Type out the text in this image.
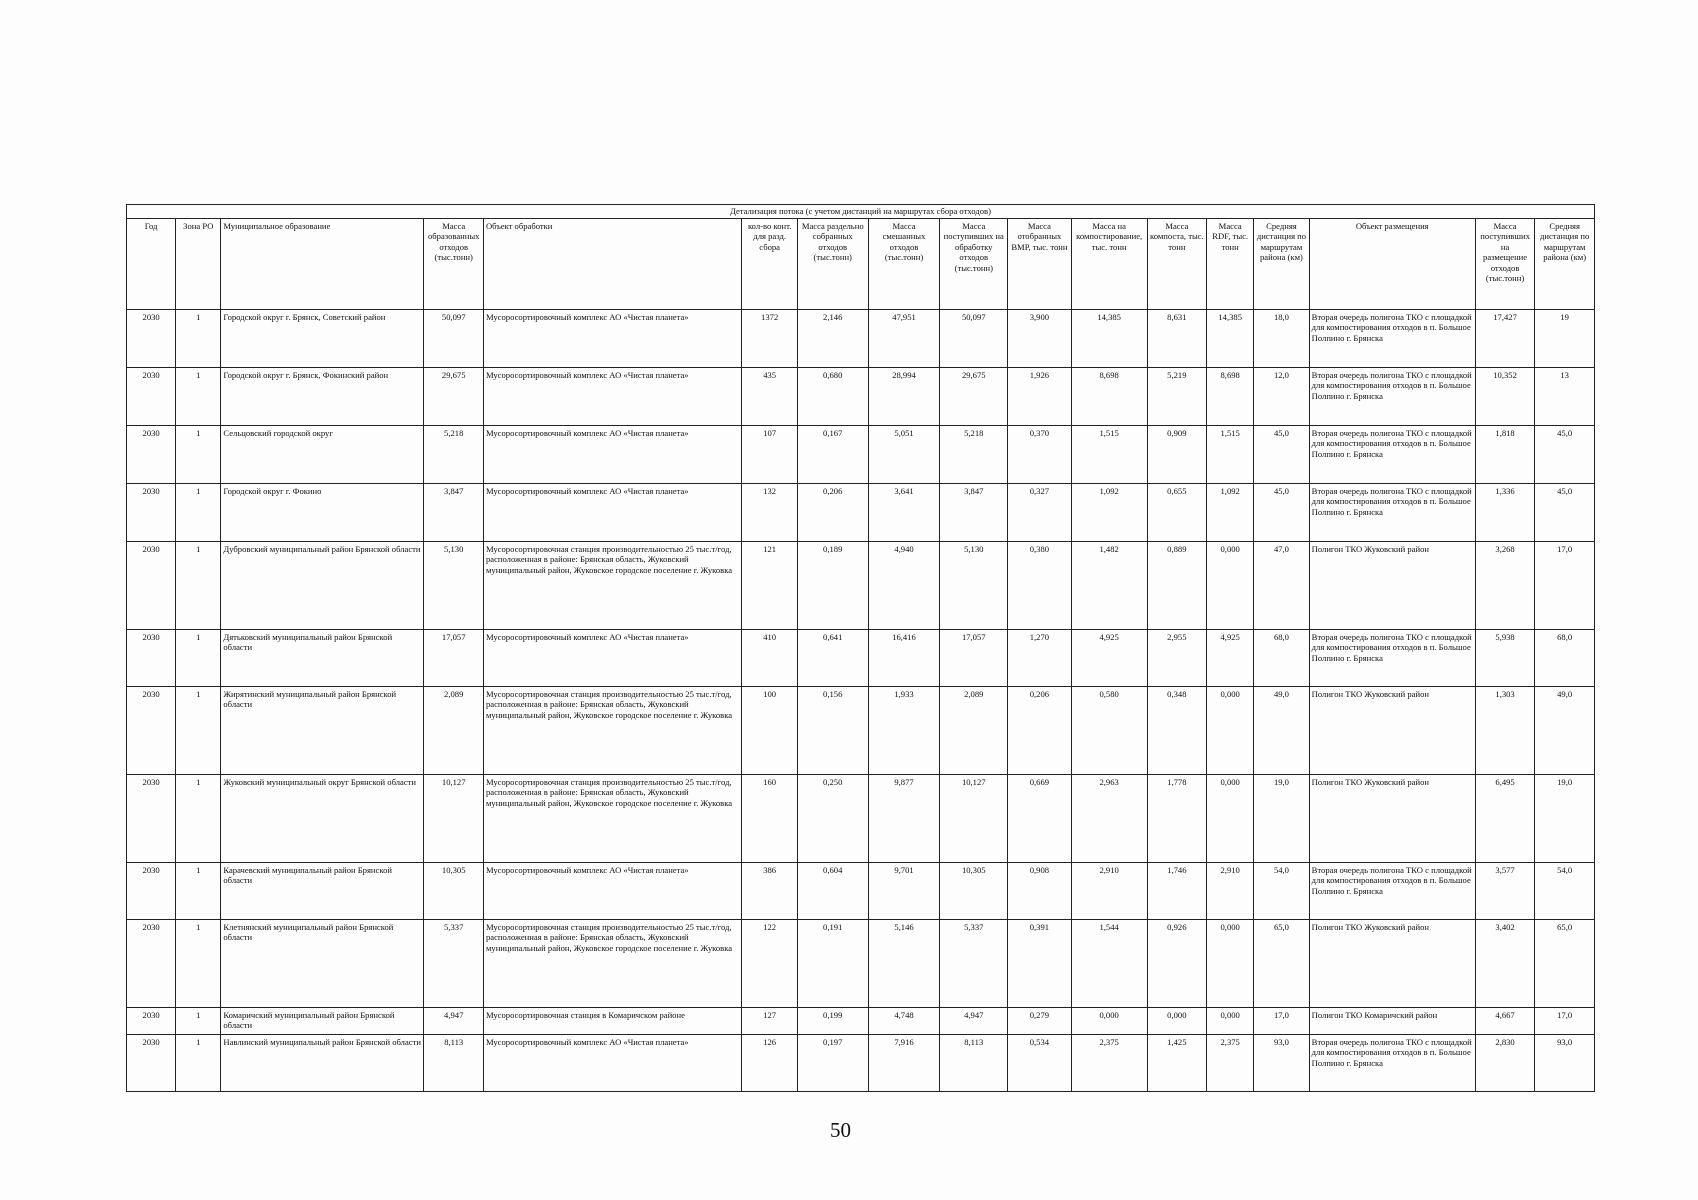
Детализация потока (с учетом дистанций на маршрутах сбора отходов)																
Год	Зона РО	Муниципальное образование	Масса образованных отходов (тыс.тонн)	Объект обработки	кол-во конт. для разд. сбора	Масса раздельно собранных отходов (тыс.тонн)	Масса смешанных отходов (тыс.тонн)	Масса поступивших на обработку отходов (тыс.тонн)	Масса отобранных ВМР, тыс. тонн	Масса на компостирование, тыс. тонн	Масса компоста, тыс. тонн	Масса RDF, тыс. тонн	Средняя дистанция по маршрутам района (км)	Объект размещения	Масса поступивших на размещение отходов (тыс.тонн)	Средняя дистанция по маршрутам района (км)
2030	1	Городской округ г. Брянск, Советский район	50,097	Мусоросортировочный комплекс АО «Чистая планета»	1372	2,146	47,951	50,097	3,900	14,385	8,631	14,385	18,0	Вторая очередь полигона ТКО с площадкой для компостирования отходов в п. Большое Полпино г. Брянска	17,427	19
2030	1	Городской округ г. Брянск, Фокинский район	29,675	Мусоросортировочный комплекс АО «Чистая планета»	435	0,680	28,994	29,675	1,926	8,698	5,219	8,698	12,0	Вторая очередь полигона ТКО с площадкой для компостирования отходов в п. Большое Полпино г. Брянска	10,352	13
2030	1	Сельцовский городской округ	5,218	Мусоросортировочный комплекс АО «Чистая планета»	107	0,167	5,051	5,218	0,370	1,515	0,909	1,515	45,0	Вторая очередь полигона ТКО с площадкой для компостирования отходов в п. Большое Полпино г. Брянска	1,818	45,0
2030	1	Городской округ г. Фокино	3,847	Мусоросортировочный комплекс АО «Чистая планета»	132	0,206	3,641	3,847	0,327	1,092	0,655	1,092	45,0	Вторая очередь полигона ТКО с площадкой для компостирования отходов в п. Большое Полпино г. Брянска	1,336	45,0
2030	1	Дубровский муниципальный район Брянской области	5,130	Мусоросортировочная станция производительностью 25 тыс.т/год, расположенная в районе: Брянская область, Жуковский муниципальный район, Жуковское городское поселение г. Жуковка	121	0,189	4,940	5,130	0,380	1,482	0,889	0,000	47,0	Полигон ТКО Жуковский район	3,268	17,0
2030	1	Дятьковский муниципальный район Брянской области	17,057	Мусоросортировочный комплекс АО «Чистая планета»	410	0,641	16,416	17,057	1,270	4,925	2,955	4,925	68,0	Вторая очередь полигона ТКО с площадкой для компостирования отходов в п. Большое Полпино г. Брянска	5,938	68,0
2030	1	Жирятинский муниципальный район Брянской области	2,089	Мусоросортировочная станция производительностью 25 тыс.т/год, расположенная в районе: Брянская область, Жуковский муниципальный район, Жуковское городское поселение г. Жуковка	100	0,156	1,933	2,089	0,206	0,580	0,348	0,000	49,0	Полигон ТКО Жуковский район	1,303	49,0
2030	1	Жуковский муниципальный округ Брянской области	10,127	Мусоросортировочная станция производительностью 25 тыс.т/год, расположенная в районе: Брянская область, Жуковский муниципальный район, Жуковское городское поселение г. Жуковка	160	0,250	9,877	10,127	0,669	2,963	1,778	0,000	19,0	Полигон ТКО Жуковский район	6,495	19,0
2030	1	Карачевский муниципальный район Брянской области	10,305	Мусоросортировочный комплекс АО «Чистая планета»	386	0,604	9,701	10,305	0,908	2,910	1,746	2,910	54,0	Вторая очередь полигона ТКО с площадкой для компостирования отходов в п. Большое Полпино г. Брянска	3,577	54,0
2030	1	Клетнянский муниципальный район Брянской области	5,337	Мусоросортировочная станция производительностью 25 тыс.т/год, расположенная в районе: Брянская область, Жуковский муниципальный район, Жуковское городское поселение г. Жуковка	122	0,191	5,146	5,337	0,391	1,544	0,926	0,000	65,0	Полигон ТКО Жуковский район	3,402	65,0
2030	1	Комаричский муниципальный район Брянской области	4,947	Мусоросортировочная станция в Комаричском районе	127	0,199	4,748	4,947	0,279	0,000	0,000	0,000	17,0	Полигон ТКО Комаричский район	4,667	17,0
2030	1	Навлинский муниципальный район Брянской области	8,113	Мусоросортировочный комплекс АО «Чистая планета»	126	0,197	7,916	8,113	0,534	2,375	1,425	2,375	93,0	Вторая очередь полигона ТКО с площадкой для компостирования отходов в п. Большое Полпино г. Брянска	2,830	93,0
50
